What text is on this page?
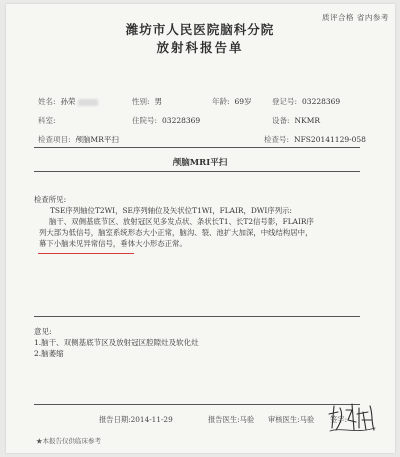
质评合格 省内参考
潍坊市人民医院脑科分院
放射科报告单
姓名: 孙荣	性别: 男	年龄: 69岁	登记号: 03228369
科室:	住院号: 03228369	设备: NKMR
检查项目: 颅脑MR平扫	检查号: NFS20141129-058
颅脑MRI平扫
检查所见:
TSE序列轴位T2WI，SE序列轴位及矢状位T1WI，FLAIR，DWI序列示:
脑干、双侧基底节区、放射冠区见多发点状、条状长T1、长T2信号影，FLAIR序
列大部为低信号，脑室系统形态大小正常，脑沟、裂、池扩大加深，中线结构居中，
幕下小脑未见异常信号，垂体大小形态正常。
意见:
1.脑干、双侧基底节区及放射冠区腔隙灶及软化灶
2.脑萎缩
报告日期:2014-11-29	报告医生:马验 审核医生:马验 签字:
★本报告仅供临床参考
